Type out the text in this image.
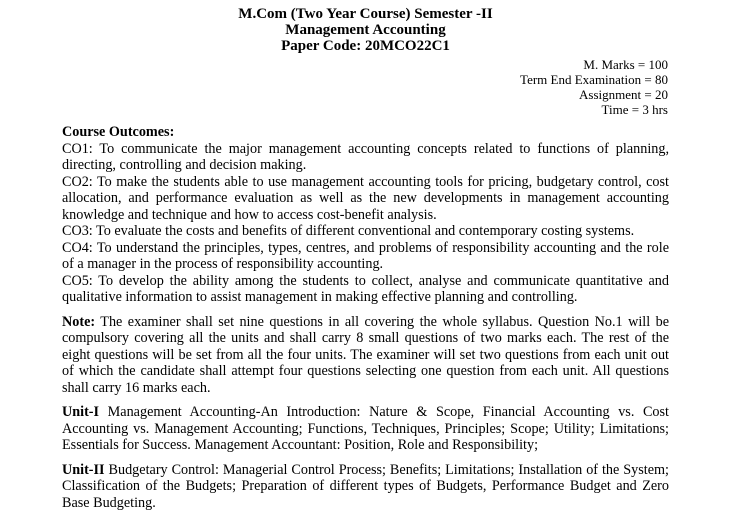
M.Com (Two Year Course) Semester -II
Management Accounting
Paper Code: 20MCO22C1
M. Marks = 100
Term End Examination = 80
Assignment = 20
Time = 3 hrs

Course Outcomes:

CO1: To communicate the major management accounting concepts related to functions of planning, directing, controlling and decision making.

CO2: To make the students able to use management accounting tools for pricing, budgetary control, cost allocation, and performance evaluation as well as the new developments in management accounting knowledge and technique and how to access cost-benefit analysis.

CO3: To evaluate the costs and benefits of different conventional and contemporary costing systems.

CO4: To understand the principles, types, centres, and problems of responsibility accounting and the role of a manager in the process of responsibility accounting.

CO5: To develop the ability among the students to collect, analyse and communicate quantitative and qualitative information to assist management in making effective planning and controlling.

Note: The examiner shall set nine questions in all covering the whole syllabus. Question No.1 will be compulsory covering all the units and shall carry 8 small questions of two marks each. The rest of the eight questions will be set from all the four units. The examiner will set two questions from each unit out of which the candidate shall attempt four questions selecting one question from each unit. All questions shall carry 16 marks each.

Unit-I Management Accounting-An Introduction: Nature & Scope, Financial Accounting vs. Cost Accounting vs. Management Accounting; Functions, Techniques, Principles; Scope; Utility; Limitations; Essentials for Success. Management Accountant: Position, Role and Responsibility;

Unit-II Budgetary Control: Managerial Control Process; Benefits; Limitations; Installation of the System; Classification of the Budgets; Preparation of different types of Budgets, Performance Budget and Zero Base Budgeting.
